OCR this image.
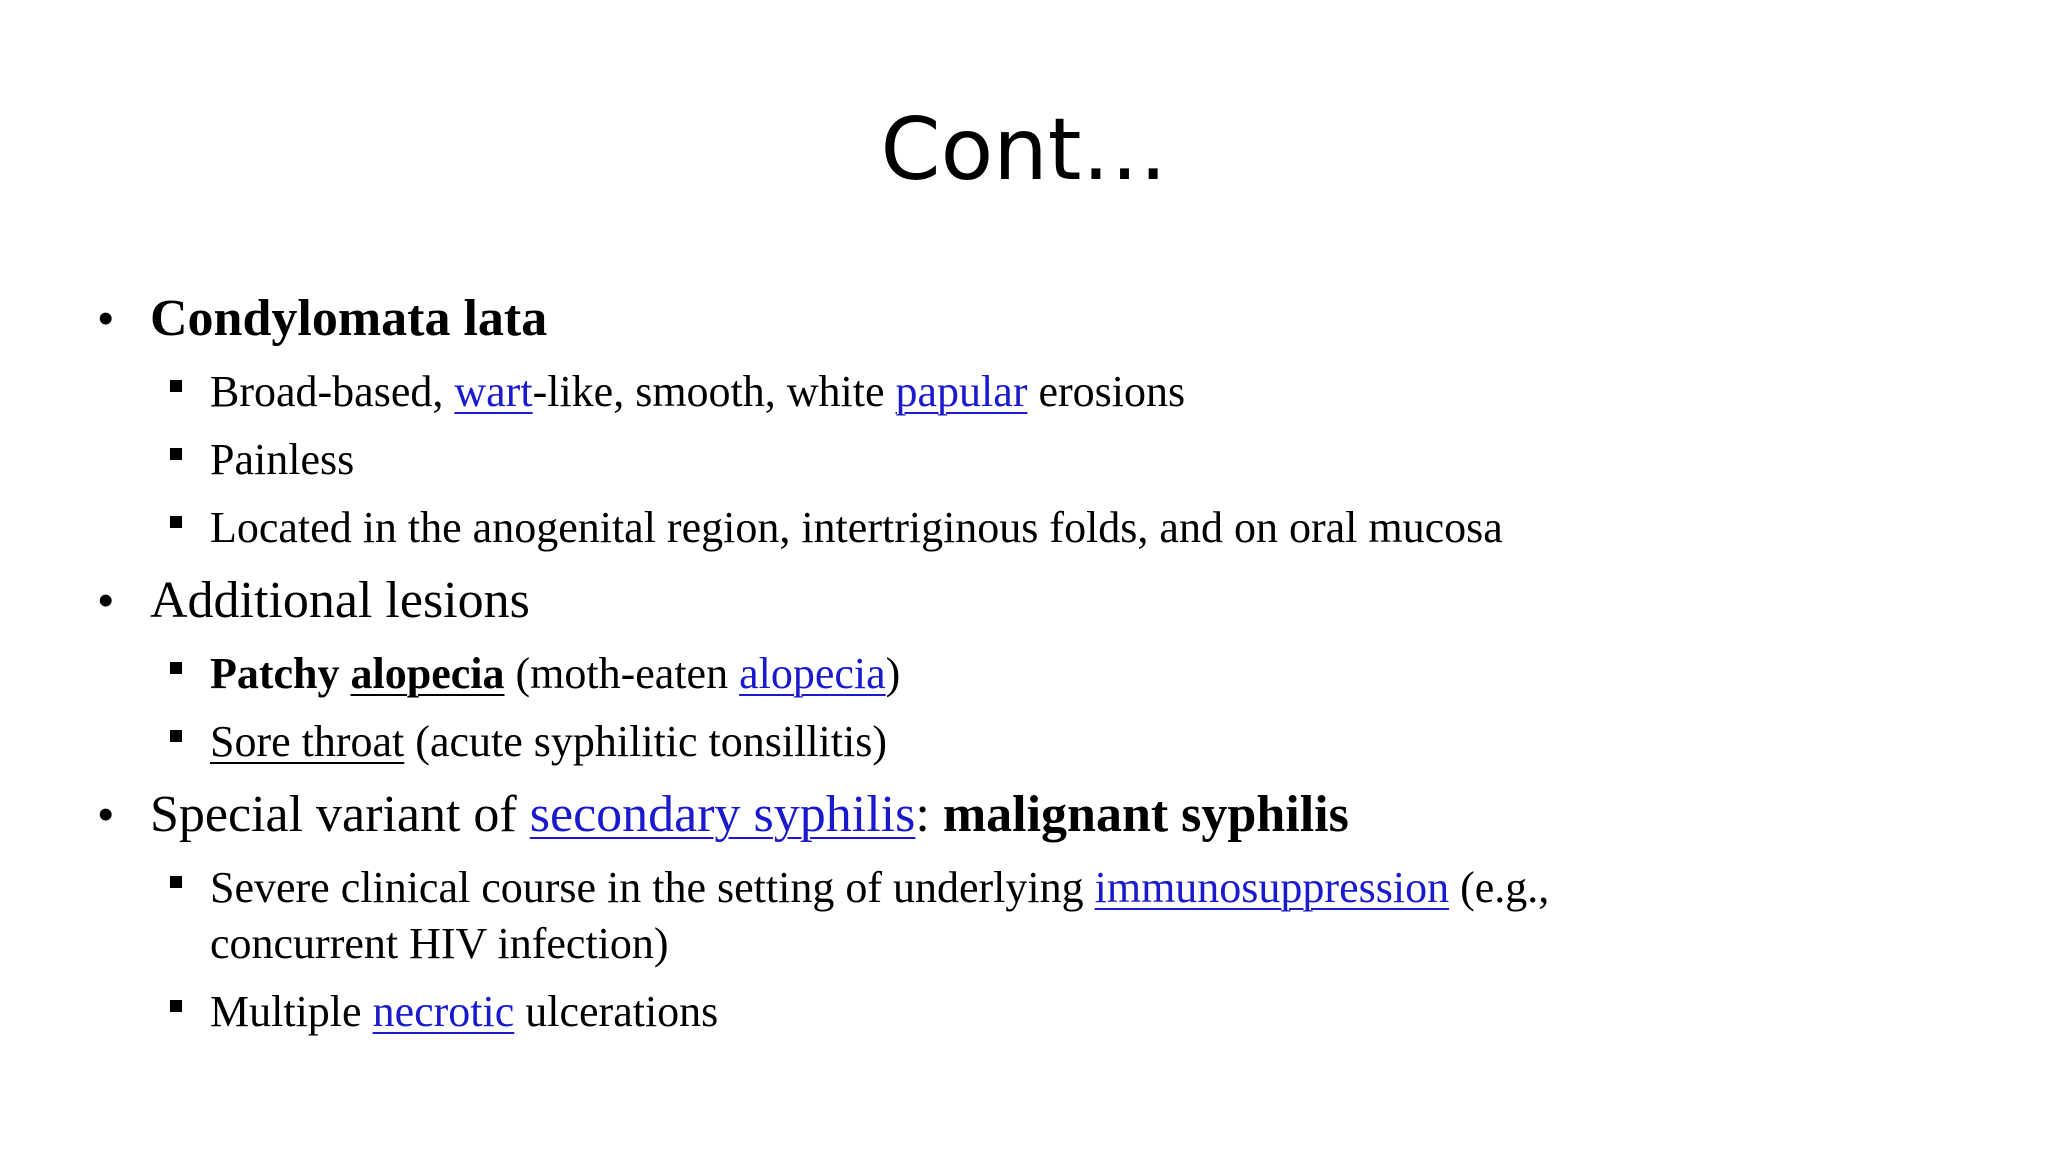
Cont…
• Condylomata lata
Broad-based, wart-like, smooth, white papular erosions
Painless
Located in the anogenital region, intertriginous folds, and on oral mucosa
• Additional lesions
Patchy alopecia (moth-eaten alopecia)
Sore throat (acute syphilitic tonsillitis)
• Special variant of secondary syphilis: malignant syphilis
Severe clinical course in the setting of underlying immunosuppression (e.g., concurrent HIV infection)
Multiple necrotic ulcerations
